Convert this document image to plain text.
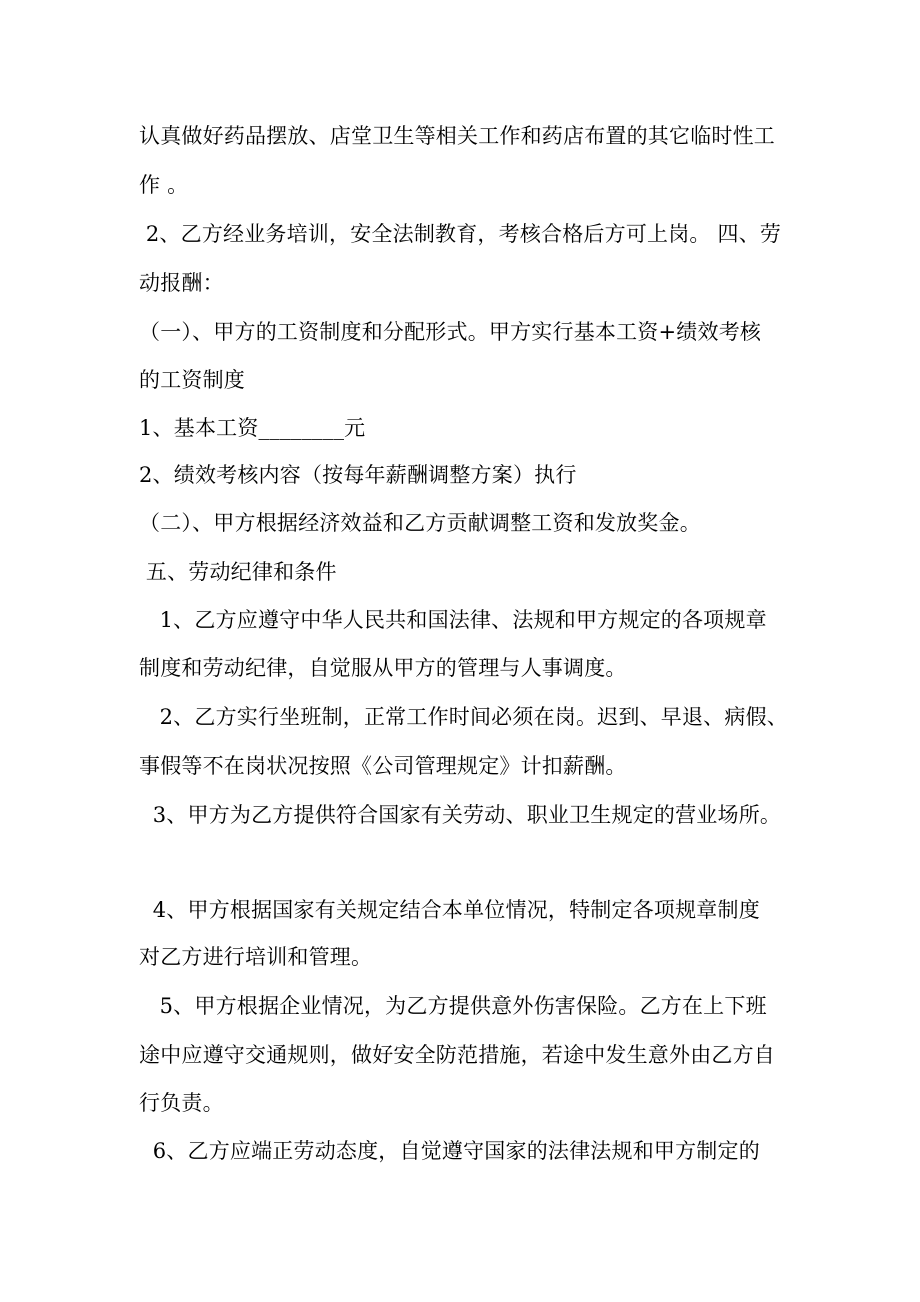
认真做好药品摆放、店堂卫生等相关工作和药店布置的其它临时性工
作 。
2、乙方经业务培训，安全法制教育，考核合格后方可上岗。 四、劳
动报酬：
（一）、甲方的工资制度和分配形式。甲方实行基本工资+绩效考核
的工资制度
1、基本工资________元
2、绩效考核内容（按每年薪酬调整方案）执行
（二）、甲方根据经济效益和乙方贡献调整工资和发放奖金。
五、劳动纪律和条件
1、乙方应遵守中华人民共和国法律、法规和甲方规定的各项规章
制度和劳动纪律，自觉服从甲方的管理与人事调度。
2、乙方实行坐班制，正常工作时间必须在岗。迟到、早退、病假、
事假等不在岗状况按照《公司管理规定》计扣薪酬。
3、甲方为乙方提供符合国家有关劳动、职业卫生规定的营业场所。
4、甲方根据国家有关规定结合本单位情况，特制定各项规章制度
对乙方进行培训和管理。
5、甲方根据企业情况，为乙方提供意外伤害保险。乙方在上下班
途中应遵守交通规则，做好安全防范措施，若途中发生意外由乙方自
行负责。
6、乙方应端正劳动态度，自觉遵守国家的法律法规和甲方制定的
